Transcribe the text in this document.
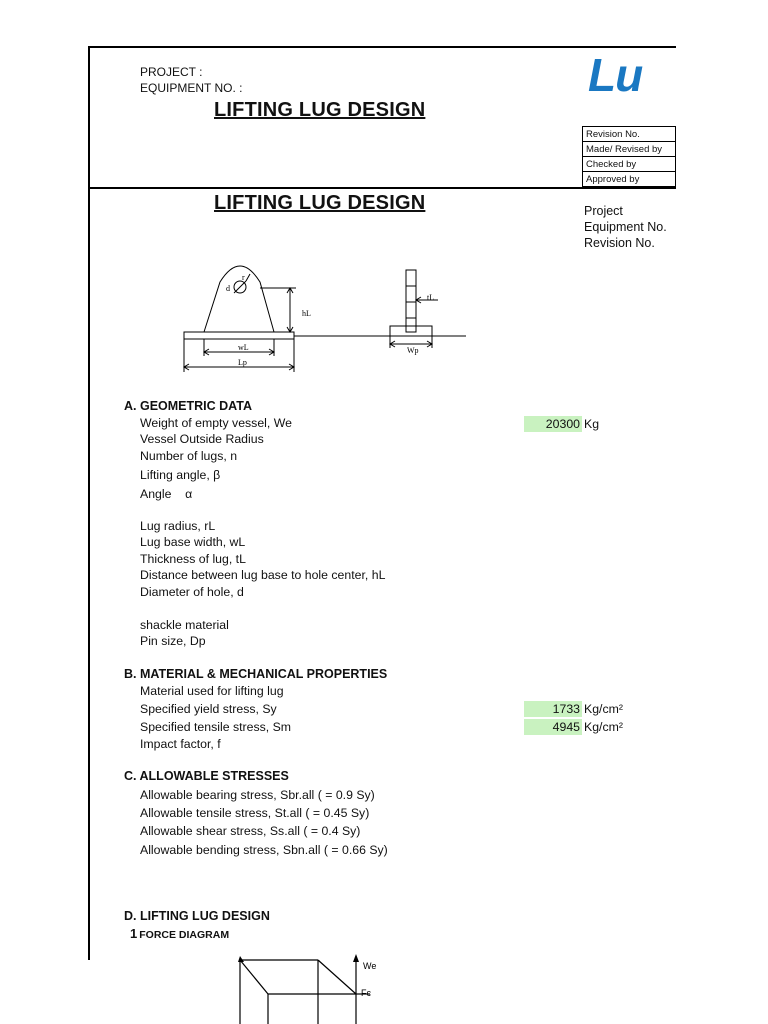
PROJECT :
EQUIPMENT NO. :
LIFTING LUG DESIGN
Lu
Revision No.
Made/ Revised by
Checked by
Approved by
LIFTING LUG DESIGN	Project
Equipment No.
Revision No.
d
r
hL
tL
wL
Lp
Wp
A. GEOMETRIC DATA
Weight of empty vessel, We	20300 Kg
Vessel Outside Radius
Number of lugs, n
Lifting angle, β
Angle    α
Lug radius, rL
Lug base width, wL
Thickness of lug, tL
Distance between lug base to hole center, hL
Diameter of hole, d
shackle material
Pin size, Dp
B. MATERIAL & MECHANICAL PROPERTIES
Material used for lifting lug
Specified yield stress, Sy	1733 Kg/cm²
Specified tensile stress, Sm	4945 Kg/cm²
Impact factor, f
C. ALLOWABLE STRESSES
Allowable bearing stress, Sbr.all ( = 0.9 Sy)
Allowable tensile stress, St.all ( = 0.45 Sy)
Allowable shear stress, Ss.all ( = 0.4 Sy)
Allowable bending stress, Sbn.all ( = 0.66 Sy)
D. LIFTING LUG DESIGN
1 FORCE DIAGRAM
We
Fc
